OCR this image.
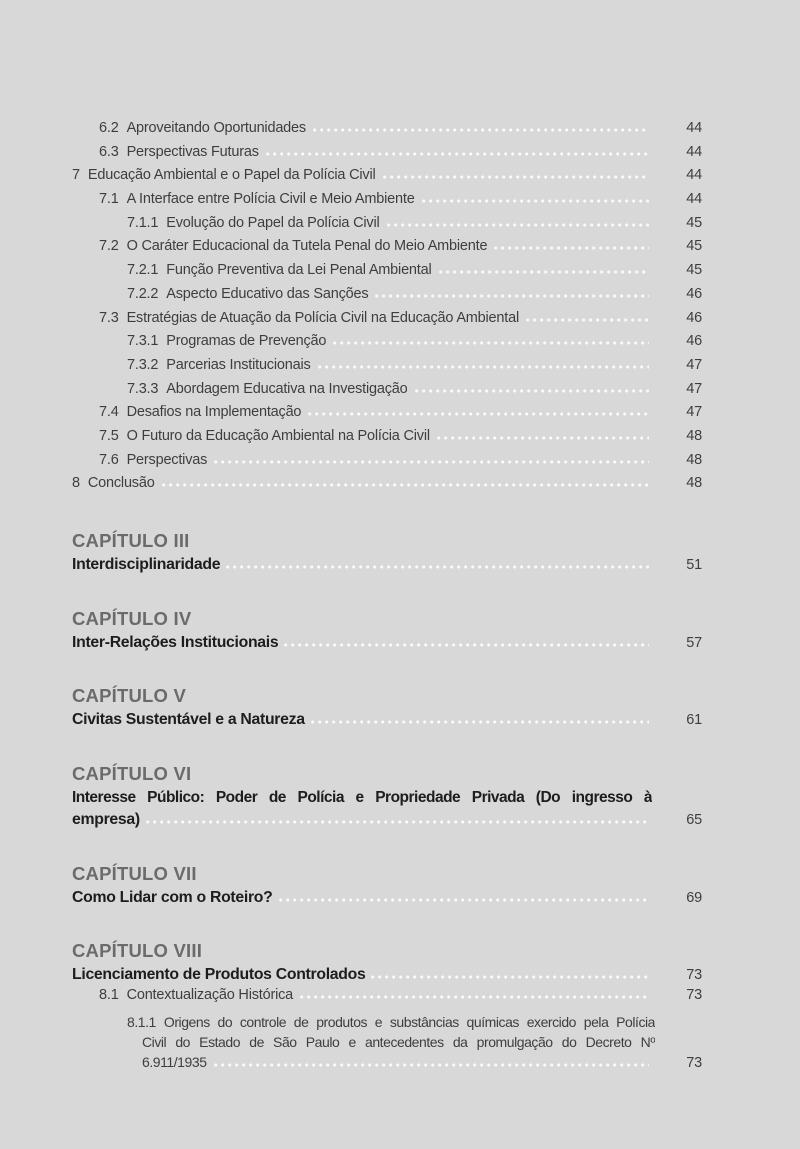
6.2 Aproveitando Oportunidades	44
6.3 Perspectivas Futuras	44
7 Educação Ambiental e o Papel da Polícia Civil	44
7.1 A Interface entre Polícia Civil e Meio Ambiente	44
7.1.1 Evolução do Papel da Polícia Civil	45
7.2 O Caráter Educacional da Tutela Penal do Meio Ambiente	45
7.2.1 Função Preventiva da Lei Penal Ambiental	45
7.2.2 Aspecto Educativo das Sanções	46
7.3 Estratégias de Atuação da Polícia Civil na Educação Ambiental	46
7.3.1 Programas de Prevenção	46
7.3.2 Parcerias Institucionais	47
7.3.3 Abordagem Educativa na Investigação	47
7.4 Desafios na Implementação	47
7.5 O Futuro da Educação Ambiental na Polícia Civil	48
7.6 Perspectivas	48
8 Conclusão	48
CAPÍTULO III
Interdisciplinaridade	51
CAPÍTULO IV
Inter-Relações Institucionais	57
CAPÍTULO V
Civitas Sustentável e a Natureza	61
CAPÍTULO VI
Interesse Público: Poder de Polícia e Propriedade Privada (Do ingresso à
empresa)	65
CAPÍTULO VII
Como Lidar com o Roteiro?	69
CAPÍTULO VIII
Licenciamento de Produtos Controlados	73
8.1 Contextualização Histórica	73
8.1.1 Origens do controle de produtos e substâncias químicas exercido pela Polícia
Civil do Estado de São Paulo e antecedentes da promulgação do Decreto Nº
6.911/1935	73
